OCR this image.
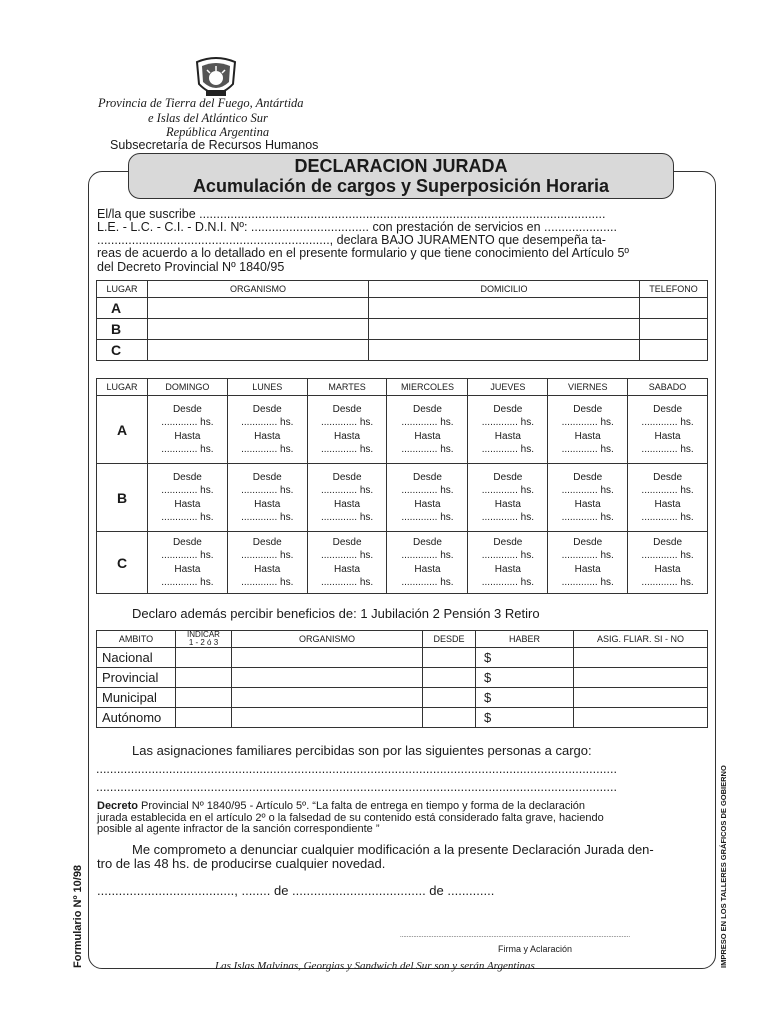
Provincia de Tierra del Fuego, Antártida
e Islas del Atlántico Sur
República Argentina
Subsecretaría de Recursos Humanos
DECLARACION JURADA
Acumulación de cargos y Superposición Horaria
El/la que suscribe .....................................................................................................................
L.E. - L.C. - C.I. - D.N.I. Nº: .................................. con prestación de servicios en .....................
..................................................................., declara BAJO JURAMENTO que desempeña ta-
reas de acuerdo a lo detallado en el presente formulario y que tiene conocimiento del Artículo 5º
del Decreto Provincial Nº 1840/95
LUGAR	ORGANISMO	DOMICILIO	TELEFONO
A			
B			
C			
LUGAR	DOMINGO	LUNES	MARTES	MIERCOLES	JUEVES	VIERNES	SABADO
A	Desde
............. hs.
Hasta
............. hs.	Desde
............. hs.
Hasta
............. hs.	Desde
............. hs.
Hasta
............. hs.	Desde
............. hs.
Hasta
............. hs.	Desde
............. hs.
Hasta
............. hs.	Desde
............. hs.
Hasta
............. hs.	Desde
............. hs.
Hasta
............. hs.

B	Desde
............. hs.
Hasta
............. hs.	Desde
............. hs.
Hasta
............. hs.	Desde
............. hs.
Hasta
............. hs.	Desde
............. hs.
Hasta
............. hs.	Desde
............. hs.
Hasta
............. hs.	Desde
............. hs.
Hasta
............. hs.	Desde
............. hs.
Hasta
............. hs.

C	Desde
............. hs.
Hasta
............. hs.	Desde
............. hs.
Hasta
............. hs.	Desde
............. hs.
Hasta
............. hs.	Desde
............. hs.
Hasta
............. hs.	Desde
............. hs.
Hasta
............. hs.	Desde
............. hs.
Hasta
............. hs.	Desde
............. hs.
Hasta
............. hs.
Declaro además percibir beneficios de: 1 Jubilación 2 Pensión 3 Retiro
AMBITO	INDICAR
1 - 2 ó 3	ORGANISMO	DESDE	HABER	ASIG. FLIAR. SI - NO
Nacional				$	
Provincial				$	
Municipal				$	
Autónomo				$	
Las asignaciones familiares percibidas son por las siguientes personas a cargo:
......................................................................................................................................................
......................................................................................................................................................
Decreto Provincial Nº 1840/95 - Artículo 5º. “La falta de entrega en tiempo y forma de la declaración
jurada establecida en el artículo 2º o la falsedad de su contenido está considerado falta grave, haciendo
posible al agente infractor de la sanción correspondiente ”
Me comprometo a denunciar cualquier modificación a la presente Declaración Jurada den-
tro de las 48 hs. de producirse cualquier novedad.
......................................, ........ de ..................................... de .............
..........................................................................................................................................
Firma y Aclaración
Las Islas Malvinas, Georgias y Sandwich del Sur son y serán Argentinas
Formulario Nº 10/98	IMPRESO EN LOS TALLERES GRÁFICOS DE GOBIERNO
